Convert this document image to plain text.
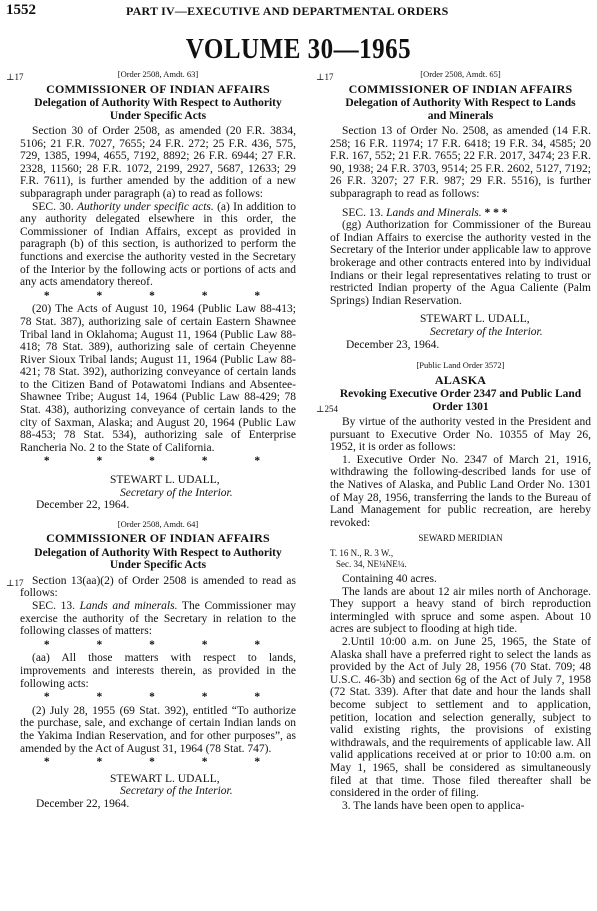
1552	PART IV—EXECUTIVE AND DEPARTMENTAL ORDERS
VOLUME 30—1965
⊥17	[Order 2508, Amdt. 63]
COMMISSIONER OF INDIAN AFFAIRS
Delegation of Authority With Respect to Authority Under Specific Acts

Section 30 of Order 2508, as amended (20 F.R. 3834, 5106; 21 F.R. 7027, 7655; 24 F.R. 272; 25 F.R. 436, 575, 729, 1385, 1994, 4655, 7192, 8892; 26 F.R. 6944; 27 F.R. 2328, 11560; 28 F.R. 1072, 2199, 2927, 5687, 12633; 29 F.R. 7611), is further amended by the addition of a new subparagraph under paragraph (a) to read as follows:

SEC. 30. Authority under specific acts. (a) In addition to any authority delegated elsewhere in this order, the Commissioner of Indian Affairs, except as provided in paragraph (b) of this section, is authorized to perform the functions and exercise the authority vested in the Secretary of the Interior by the following acts or portions of acts and any acts amendatory thereof.

* * * * *

(20) The Acts of August 10, 1964 (Public Law 88-413; 78 Stat. 387), authorizing sale of certain Eastern Shawnee Tribal land in Oklahoma; August 11, 1964 (Public Law 88-418; 78 Stat. 389), authorizing sale of certain Cheyenne River Sioux Tribal lands; August 11, 1964 (Public Law 88-421; 78 Stat. 392), authorizing conveyance of certain lands to the Citizen Band of Potawatomi Indians and Absentee-Shawnee Tribe; August 14, 1964 (Public Law 88-429; 78 Stat. 438), authorizing conveyance of certain lands to the city of Saxman, Alaska; and August 20, 1964 (Public Law 88-453; 78 Stat. 534), authorizing sale of Enterprise Rancheria No. 2 to the State of California.

* * * * *

STEWART L. UDALL,

Secretary of the Interior.

December 22, 1964.

[Order 2508, Amdt. 64]
COMMISSIONER OF INDIAN AFFAIRS
Delegation of Authority With Respect to Authority Under Specific Acts

Section 13(aa)(2) of Order 2508 is amended to read as follows:

SEC. 13. Lands and minerals. The Commissioner may exercise the authority of the Secretary in relation to the following classes of matters:

* * * * *

(aa) All those matters with respect to lands, improvements and interests therein, as provided in the following acts:

* * * * *

(2) July 28, 1955 (69 Stat. 392), entitled “To authorize the purchase, sale, and exchange of certain Indian lands on the Yakima Indian Reservation, and for other purposes”, as amended by the Act of August 31, 1964 (78 Stat. 747).

* * * * *

STEWART L. UDALL,

Secretary of the Interior.

December 22, 1964.

⊥17
⊥17	[Order 2508, Amdt. 65]
COMMISSIONER OF INDIAN AFFAIRS
Delegation of Authority With Respect to Lands and Minerals

Section 13 of Order No. 2508, as amended (14 F.R. 258; 16 F.R. 11974; 17 F.R. 6418; 19 F.R. 34, 4585; 20 F.R. 167, 552; 21 F.R. 7655; 22 F.R. 2017, 3474; 23 F.R. 90, 1938; 24 F.R. 3703, 9514; 25 F.R. 2602, 5127, 7192; 26 F.R. 3207; 27 F.R. 987; 29 F.R. 5516), is further subparagraph to read as follows:

SEC. 13. Lands and Minerals. * * *

(gg) Authorization for Commissioner of the Bureau of Indian Affairs to exercise the authority vested in the Secretary of the Interior under applicable law to approve brokerage and other contracts entered into by individual Indians or their legal representatives relating to trust or restricted Indian property of the Agua Caliente (Palm Springs) Indian Reservation.

STEWART L. UDALL,

Secretary of the Interior.

December 23, 1964.

[Public Land Order 3572]
ALASKA
Revoking Executive Order 2347 and Public Land Order 1301

By virtue of the authority vested in the President and pursuant to Executive Order No. 10355 of May 26, 1952, it is order as follows:

1. Executive Order No. 2347 of March 21, 1916, withdrawing the following-described lands for use of the Natives of Alaska, and Public Land Order No. 1301 of May 28, 1956, transferring the lands to the Bureau of Land Management for public recreation, are hereby revoked:

SEWARD MERIDIAN

T. 16 N., R. 3 W.,

Sec. 34, NE¼NE¼.

Containing 40 acres.

The lands are about 12 air miles north of Anchorage. They support a heavy stand of birch reproduction intermingled with spruce and some aspen. About 10 acres are subject to flooding at high tide.

2.Until 10:00 a.m. on June 25, 1965, the State of Alaska shall have a preferred right to select the lands as provided by the Act of July 28, 1956 (70 Stat. 709; 48 U.S.C. 46-3b) and section 6g of the Act of July 7, 1958 (72 Stat. 339). After that date and hour the lands shall become subject to settlement and to application, petition, location and selection generally, subject to valid existing rights, the provisions of existing withdrawals, and the requirements of applicable law. All valid applications received at or prior to 10:00 a.m. on May 1, 1965, shall be considered as simultaneously filed at that time. Those filed thereafter shall be considered in the order of filing.

3. The lands have been open to applica-

⊥254
